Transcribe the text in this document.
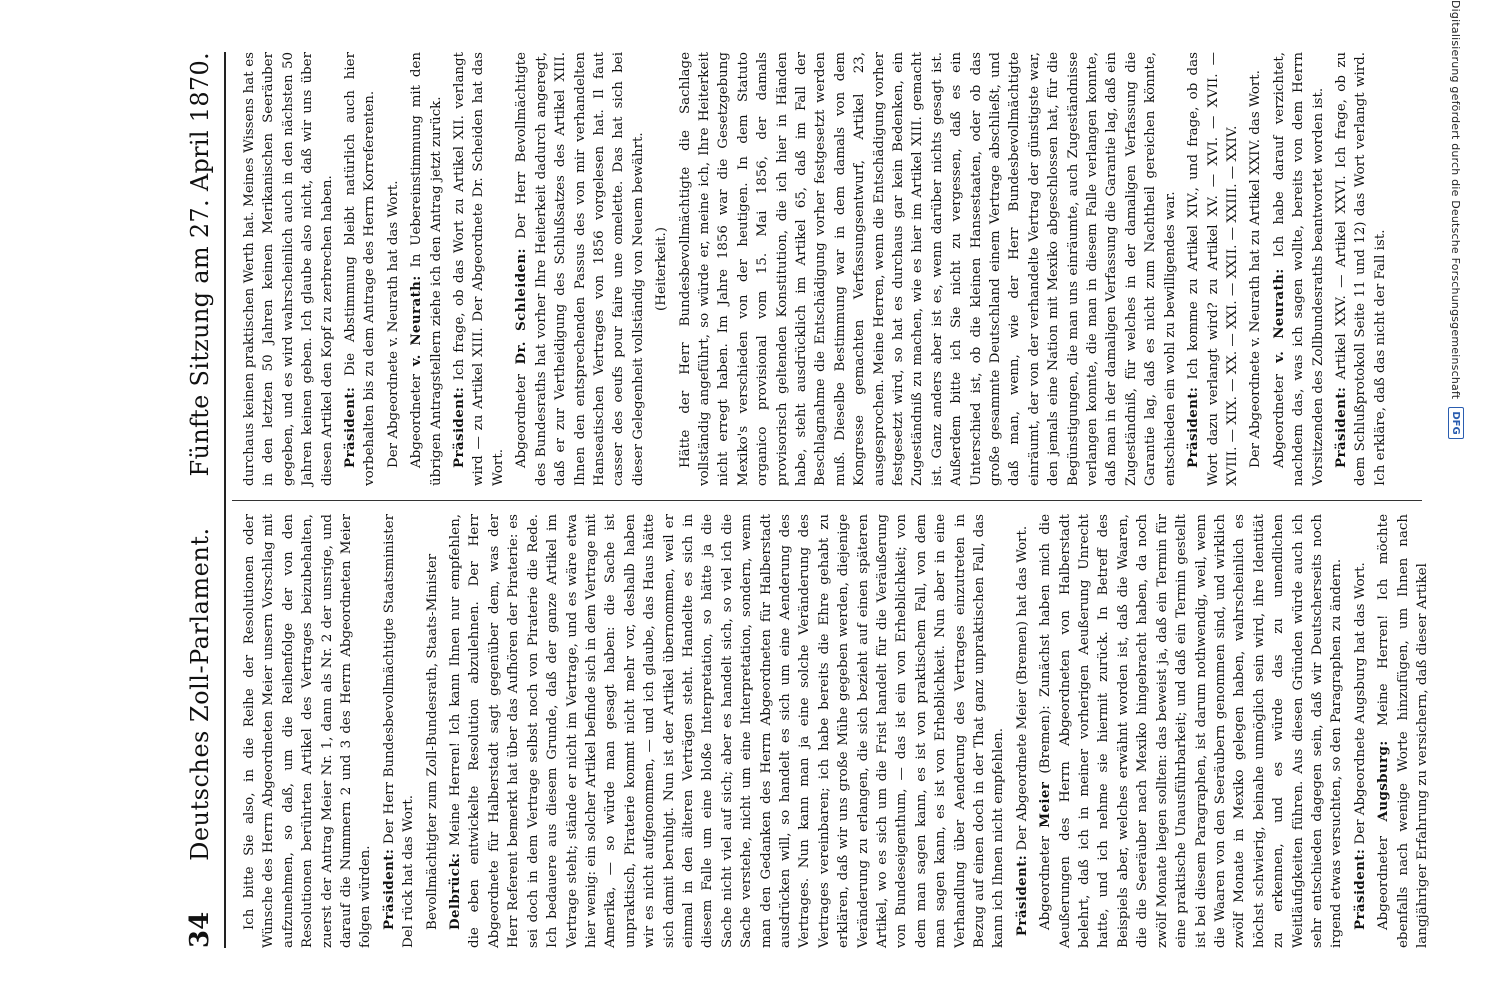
34
Deutsches Zoll-Parlament.
Fünfte Sitzung am 27. April 1870.

Ich bitte Sie also, in die Reihe der Resolutionen oder Wünsche des Herrn Abgeordneten Meier unsern Vorschlag mit aufzunehmen, so daß, um die Reihenfolge der von den Resolutionen berührten Artikel des Vertrages beizubehalten, zuerst der Antrag Meier Nr. 1, dann als Nr. 2 der unsrige, und darauf die Nummern 2 und 3 des Herrn Abgeordneten Meier folgen würden. Präsident: Der Herr Bundesbevollmächtigte Staatsminister Del rück hat das Wort. Bevollmächtigter zum Zoll-Bundesrath, Staats-Minister Delbrück: Meine Herren! Ich kann Ihnen nur empfehlen, die eben entwickelte Resolution abzulehnen. Der Herr Abgeordnete für Halberstadt sagt gegenüber dem, was der Herr Referent bemerkt hat über das Aufhören der Piraterie: es sei doch in dem Vertrage selbst noch von Piraterie die Rede. Ich bedauere aus diesem Grunde, daß der ganze Artikel im Vertrage steht; stände er nicht im Vertrage, und es wäre etwa hier wenig: ein solcher Artikel befinde sich in dem Vertrage mit Amerika, — so würde man gesagt haben: die Sache ist unpraktisch, Piraterie kommt nicht mehr vor, deshalb haben wir es nicht aufgenommen, — und ich glaube, das Haus hätte sich damit beruhigt. Nun ist der Artikel übernommen, weil er einmal in den älteren Verträgen steht. Handelte es sich in diesem Falle um eine bloße Interpretation, so hätte ja die Sache nicht viel auf sich; aber es handelt sich, so viel ich die Sache verstehe, nicht um eine Interpretation, sondern, wenn man den Gedanken des Herrn Abgeordneten für Halberstadt ausdrücken will, so handelt es sich um eine Aenderung des Vertrages. Nun kann man ja eine solche Veränderung des Vertrages vereinbaren; ich habe bereits die Ehre gehabt zu erklären, daß wir uns große Mühe gegeben werden, diejenige Veränderung zu erlangen, die sich bezieht auf einen späteren Artikel, wo es sich um die Frist handelt für die Veräußerung von Bundeseigenthum, — das ist ein von Erheblichkeit; von dem man sagen kann, es ist von praktischem Fall, von dem man sagen kann, es ist von Erheblichkeit. Nun aber in eine Verhandlung über Aenderung des Vertrages einzutreten in Bezug auf einen doch in der That ganz unpraktischen Fall, das kann ich Ihnen nicht empfehlen. Präsident: Der Abgeordnete Meier (Bremen) hat das Wort.

Abgeordneter Meier (Bremen): Zunächst haben mich die Aeußerungen des Herrn Abgeordneten von Halberstadt belehrt, daß ich in meiner vorherigen Aeußerung Unrecht hatte, und ich nehme sie hiermit zurück. In Betreff des Beispiels aber, welches erwähnt worden ist, daß die Waaren, die die Seeräuber nach Mexiko hingebracht haben, da noch zwölf Monate liegen sollten: das beweist ja, daß ein Termin für eine praktische Unausführbarkeit; und daß ein Termin gestellt ist bei diesem Paragraphen, ist darum nothwendig, weil, wenn die Waaren von den Seeräubern genommen sind, und wirklich zwölf Monate in Mexiko gelegen haben, wahrscheinlich es höchst schwierig, beinahe unmöglich sein wird, ihre Identität zu erkennen, und es würde das zu unendlichen Weitläufigkeiten führen. Aus diesen Gründen würde auch ich sehr entschieden dagegen sein, daß wir Deutscherseits noch irgend etwas versuchten, so den Paragraphen zu ändern. Präsident: Der Abgeordnete Augsburg hat das Wort.

Abgeordneter Augsburg: Meine Herren! Ich möchte ebenfalls nach wenige Worte hinzufügen, um Ihnen nach langjähriger Erfahrung zu versichern, daß dieser Artikel

durchaus keinen praktischen Werth hat. Meines Wissens hat es in den letzten 50 Jahren keinen Merikanischen Seeräuber gegeben, und es wird wahrscheinlich auch in den nächsten 50 Jahren keinen geben. Ich glaube also nicht, daß wir uns über diesen Artikel den Kopf zu zerbrechen haben. Präsident: Die Abstimmung bleibt natürlich auch hier vorbehalten bis zu dem Antrage des Herrn Korreferenten. Der Abgeordnete v. Neurath hat das Wort. Abgeordneter v. Neurath: In Uebereinstimmung mit den übrigen Antragstellern ziehe ich den Antrag jetzt zurück. Präsident: Ich frage, ob das Wort zu Artikel XII. verlangt wird — zu Artikel XIII. Der Abgeordnete Dr. Scheiden hat das Wort. Abgeordneter Dr. Schleiden: Der Herr Bevollmächtigte des Bundesraths hat vorher Ihre Heiterkeit dadurch angeregt, daß er zur Vertheidigung des Schlußsatzes des Artikel XIII. Ihnen den entsprechenden Passus des von mir verhandelten Hanseatischen Vertrages von 1856 vorgelesen hat. Il faut casser des oeufs pour faire une omelette. Das hat sich bei dieser Gelegenheit vollständig von Neuem bewährt. (Heiterkeit.) Hätte der Herr Bundesbevollmächtigte die Sachlage vollständig angeführt, so würde er, meine ich, Ihre Heiterkeit nicht erregt haben. Im Jahre 1856 war die Gesetzgebung Mexiko's verschieden von der heutigen. In dem Statuto organico provisional vom 15. Mai 1856, der damals provisorisch geltenden Konstitution, die ich hier in Händen habe, steht ausdrücklich im Artikel 65, daß im Fall der Beschlagnahme die Entschädigung vorher festgesetzt werden muß. Dieselbe Bestimmung war in dem damals von dem Kongresse gemachten Verfassungsentwurf, Artikel 23, ausgesprochen. Meine Herren, wenn die Entschädigung vorher festgesetzt wird, so hat es durchaus gar kein Bedenken, ein Zugeständniß zu machen, wie es hier im Artikel XIII. gemacht ist. Ganz anders aber ist es, wenn darüber nichts gesagt ist. Außerdem bitte ich Sie nicht zu vergessen, daß es ein Unterschied ist, ob die kleinen Hansestaaten, oder ob das große gesammte Deutschland einem Vertrage abschließt, und daß man, wenn, wie der Herr Bundesbevollmächtigte einräumt, der von der verhandelte Vertrag der günstigste war, den jemals eine Nation mit Mexiko abgeschlossen hat, für die Begünstigungen, die man uns einräumte, auch Zugeständnisse verlangen konnte, die man in diesem Falle verlangen konnte, daß man in der damaligen Verfassung die Garantie lag, daß ein Zugeständniß, für welches in der damaligen Verfassung die Garantie lag, daß es nicht zum Nachtheil gereichen könnte, entschieden ein wohl zu bewilligendes war. Präsident: Ich komme zu Artikel XIV., und frage, ob das Wort dazu verlangt wird? zu Artikel XV. — XVI. — XVII. — XVIII. — XIX. — XX. — XXI. — XXII. — XXIII. — XXIV. Der Abgeordnete v. Neurath hat zu Artikel XXIV. das Wort. Abgeordneter v. Neurath: Ich habe darauf verzichtet, nachdem das, was ich sagen wollte, bereits von dem Herrn Vorsitzenden des Zollbundesraths beantwortet worden ist. Präsident: Artikel XXV. — Artikel XXVI. Ich frage, ob zu dem Schlußprotokoll Seite 11 und 12) das Wort verlangt wird. Ich erkläre, daß das nicht der Fall ist.	Digitalisierung gefördert durch die Deutsche Forschungsgemeinschaft
DFG
